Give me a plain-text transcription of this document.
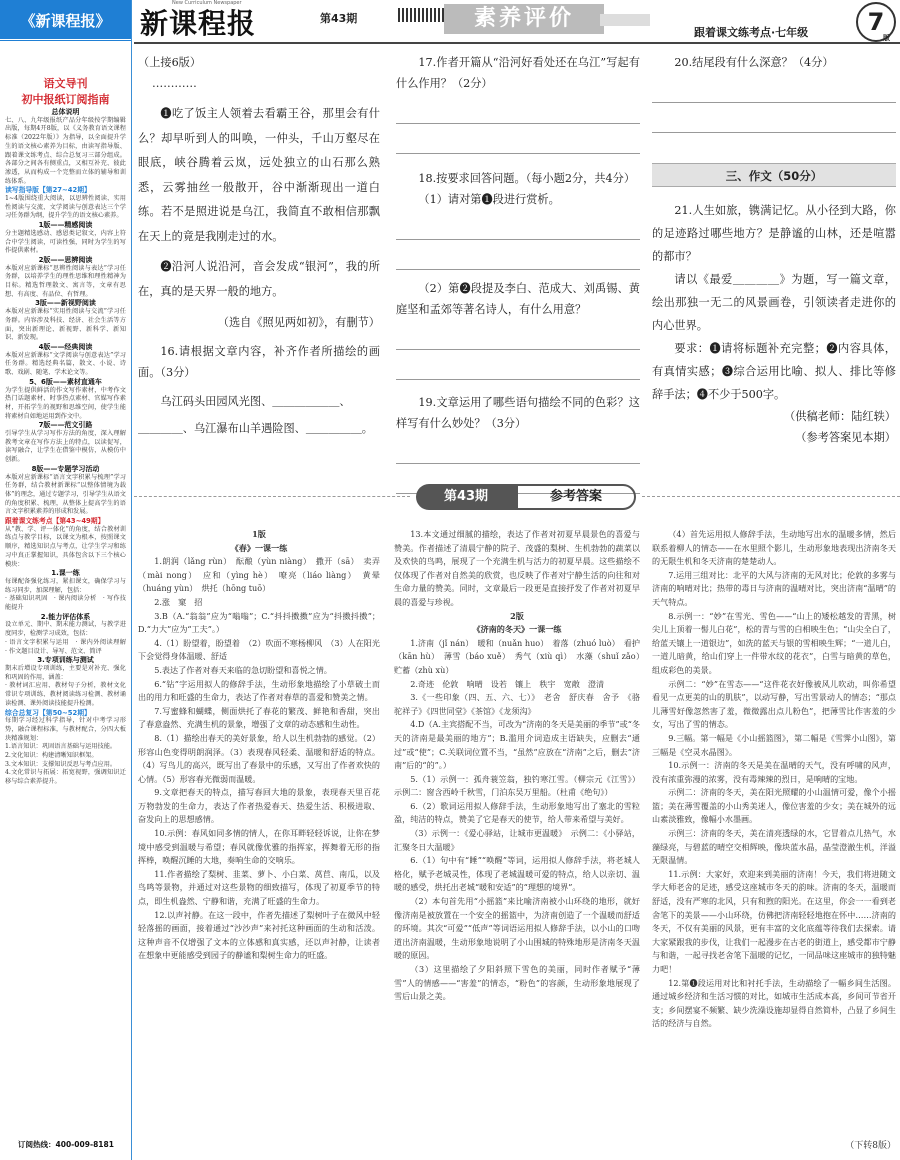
《新课程报》
语文导刊
初中报纸订阅指南
总体说明
七、八、九年级报纸产品分年级按学期编辑出版，每期4开8版，以《义务教育语文课程标准（2022年版）》为指导，以全面提升学生的语文核心素养为目标，由读写指导版、跟着课文练考点、综合总复习三部分组成。各部分之间各有侧重点，又相互补充、彼此渗透，从而构成一个完整而立体的辅导和训练体系。
读写指导版【第27~42期】
1~4版围绕重大阅读，以思辨性阅读、实用性阅读与交流、文学阅读与创意表达三个学习任务群为纲，提升学生的语文核心素养。
1版——精感阅读
分主题精选感动、感恩类记叙文，内容上符合中学生阅读，可读性强，同时为学生的写作提供素材。
2版——思辨阅读
本版对应新课标“思辨性阅读与表达”学习任务群，以培养学生的理性思维和理性精神为目标。精选哲理散文、寓言等，文章有思想、有高度、有品位、有哲理。
3版——新视野阅读
本版对应新课标“实用性阅读与交流”学习任务群。内容涉及科技、经济、社会生活等方面，突出新理论、新视野、新科学、新知识、新发现。
4版——经典阅读
本版对应新课标“文学阅读与创意表达”学习任务群。精选经典名篇，散文、小说、诗歌、戏剧、随笔、学术论文等。
5、6版——素材直通车
为学生提供鲜活的作文写作素材，中考作文热门话题素材、时事热点素材、官媒写作素材，开拓学生的视野和思维空间，使学生能将素材自如地运用到作文中。
7版——范文引路
引导学生从学习写作方法的角度，深入理解教考文章在写作方法上的特点，以读促写，读写融合，让学生在借鉴中模仿，从模仿中创新。
8版——专题学习活动
本版对应新课标“语言文字积累与梳理”学习任务群，结合教材新课标“以整体情境为载体”的理念，通过专题学习，引导学生从语文的角度积累、梳理，从整体上提高学生的语言文字积累素养的形成和发展。
跟着课文练考点【第43~49期】
从“教、学、评一体化”的角度，结合教材训练点与教学目标，以课文为根本，按照课文顺序，精选知识点与考点，让学生学习和练习中真正掌握知识，具体包含以下三个核心模块：
1.课一练
每课配备强化练习，紧扣课文，确保学习与练习同步，加深理解，包括：
· 基础知识巩固　· 课内阅读分析　· 写作技能提升
2.能力评估体系
设立单元、期中、期末能力测试，与教学进度同步，检测学习成效，包括：
· 语言文字积累与运用　· 课内外阅读理解　· 作文题目设计、导写、范文、简评
3.专项训练与测试
期末后增设专项训练，主要是对补充、强化和巩固的作用，涵盖：
· 教材词汇应用、教材句子分析，教材文化常识专项训练、教材阅读练习检测、教材诵读检测、课外阅读技能提升检测。
综合总复习【第50~52期】
每期学习经过科学指导，针对中考学习形势，融合课程标准，与教材配合，分四大板块精准规划：
1.语言知识：巩固语言基础与运用技能。
2.文化知识：构建清晰知识框架。
3.文本知识：支撑知识反思与考点应用。
4.文化常识与拓展：拓宽视野，强调知识迁移与综合素养提升。
订阅热线：400-009-8181
New Curriculum Newspaper
新课程报	第43期	素养评价
跟着课文练考点·七年级	7
版
（上接6版）
…………

❶吃了饭主人领着去看霸王谷，那里会有什么？却早听到人的叫唤，一仲头，千山万壑尽在眼底，峡谷腾着云岚，远处独立的山石那么熟悉，云雾抽丝一般散开，谷中渐渐现出一道白练。若不是照进说是乌江，我简直不敢相信那飘在天上的竟是我刚走过的水。

❷沿河人说沿河，音会发成“银河”，我的所在，真的是天界一般的地方。

（选自《照见两如初》，有删节）

16.请根据文章内容，补齐作者所描绘的画面。（3分）

乌江码头田园风光图、＿＿＿＿＿＿、

＿＿＿＿、乌江瀑布山羊遇险图、＿＿＿＿＿。

17.作者开篇从“沿河好看处还在乌江”写起有什么作用？（2分）

18.按要求回答问题。（每小题2分，共4分）

（1）请对第❶段进行赏析。

（2）第❷段提及李白、范成大、刘禹锡、黄庭坚和孟郊等著名诗人，有什么用意？

19.文章运用了哪些语句描绘不同的色彩？这样写有什么妙处？（3分）

20.结尾段有什么深意？（4分）

三、作文（50分）

21.人生如旅，镌满记忆。从小径到大路，你的足迹路过哪些地方？是静谧的山林，还是喧嚣的都市？

请以《最爱＿＿＿＿》为题，写一篇文章，绘出那独一无二的风景画卷，引领读者走进你的内心世界。

要求：❶请将标题补充完整；❷内容具体，有真情实感；❸综合运用比喻、拟人、排比等修辞手法；❹不少于500字。

（供稿老师：陆红轶）
（参考答案见本期）
第43期	参考答案
1版
《春》一课一练

1.朗润（lǎng rùn）　酝酿（yùn niàng）　撒开（sā）　卖弄（mài nong）　应和（yìng hè）　嘹亮（liáo liàng）　黄晕（huáng yùn）　烘托（hōng tuō）

2.涨　窠　招

3.B（A.“翁翁”应为“嗡嗡”；C.“抖抖擞擞”应为“抖擞抖擞”；D.“力大”应为“工夫”。）

4.（1）盼望着，盼望着　（2）吹面不寒杨柳风　（3）人在阳光下会觉得身体温暖、舒适

5.表达了作者对春天来临的急切盼望和喜悦之情。

6.“钻”字运用拟人的修辞手法，生动形象地描绘了小草破土而出的用力和旺盛的生命力，表达了作者对春草的喜爱和赞美之情。

7.写蜜蜂和蝴蝶，侧面烘托了春花的繁茂、鲜艳和香甜，突出了春意盎然、充满生机的景象，增强了文章的动态感和生动性。

8.（1）描绘出春天的美好景象，给人以生机勃勃的感觉。（2）形容山色变得明朗润泽。（3）表现春风轻柔、温暖和舒适的特点。（4）写鸟儿的高兴，既写出了春景中的乐感，又写出了作者欢快的心情。（5）形容春光微弱而温暖。

9.文章把春天的特点，描写春回大地的景象，表现春天里百花万物勃发的生命力，表达了作者热爱春天、热爱生活、积极进取、奋发向上的思想感情。

10.示例：春风如同多情的情人，在你耳畔轻轻诉说，让你在梦境中感受到温暖与希望；春风就像优雅的指挥家，挥舞着无形的指挥棒，唤醒沉睡的大地，奏响生命的交响乐。

11.作者描绘了梨树、韭菜、萝卜、小白菜、莴苣、南瓜，以及鸟鸣等景物，并通过对这些景物的细致描写，体现了初夏季节的特点，即生机盎然、宁静和谐，充满了旺盛的生命力。

12.以声衬静。在这一段中，作者先描述了梨树叶子在微风中轻轻落摇的画面，接着通过“沙沙声”来衬托这种画面的生动和活泼。这种声音不仅增强了文本的立体感和真实感，还以声衬静，让读者在想象中更能感受到园子的静谧和梨树生命力的旺盛。

13.本文通过细腻的描绘，表达了作者对初夏早晨景色的喜爱与赞美。作者描述了清晨宁静的院子、茂盛的梨树、生机勃勃的蔬菜以及欢快的鸟鸣，展现了一个充满生机与活力的初夏早晨。这些描绘不仅体现了作者对自然美的欣赏，也反映了作者对宁静生活的向往和对生命力量的赞美。同时，文章最后一段更是直接抒发了作者对初夏早晨的喜爱与珍视。

2版
《济南的冬天》一课一练

1.济南（jǐ nán）　暖和（nuǎn huo）　着落（zhuó luò）　看护（kān hù）　薄雪（báo xuě）　秀气（xiù qì）　水藻（shuǐ zǎo）　贮蓄（zhù xù）

2.奇迹　伦敦　响晴　设若　镶上　秩宇　宽敞　澄清

3.《一些印象（四、五、六、七）》　老舍　舒庆春　舍予　《骆驼祥子》《四世同堂》《茶馆》《龙须沟》

4.D（A.主宾搭配不当，可改为“济南的冬天是美丽的季节”或“冬天的济南是最美丽的地方”；B.滥用介词造成主语缺失，应删去“通过”或“使”；C.关联词位置不当，“虽然”应放在“济南”之后，删去“济南”后的“的”。）

5.（1）示例一：孤舟蓑笠翁，独钓寒江雪。（柳宗元《江雪》）示例二：窗含西岭千秋雪，门泊东吴万里船。（杜甫《绝句》）

6.（2）歌词运用拟人修辞手法，生动形象地写出了塞北的雪粒盈，纯洁的特点，赞美了它是春天的使节，给人带来希望与美好。

（3）示例一：《爱心驿站，让城市更温暖》　示例二：《小驿站，汇聚冬日大温暖》

6.（1）句中有“睡”“唤醒”等词，运用拟人修辞手法，将老城人格化，赋予老城灵性，体现了老城温暖可爱的特点，给人以亲切、温暖的感受，烘托出老城“暖和安适”的“理想的境界”。

（2）本句首先用“小摇篮”来比喻济南被小山环绕的地形，就好像济南是被放置在一个安全的摇篮中，为济南创造了一个温暖而舒适的环境。其次“可爱”“低声”等词语运用拟人修辞手法，以小山的口吻道出济南温暖，生动形象地说明了小山围城的特殊地形是济南冬天温暖的原因。

（3）这里描绘了夕阳斜照下雪色的美丽，同时作者赋予“薄雪”人的情感——“害羞”的情态，“粉色”的容颜，生动形象地展现了雪后山景之美。

（4）首先运用拟人修辞手法，生动地写出水的温暖多情，然后联系着柳人的情态——在水里照个影儿，生动形象地表现出济南冬天的无限生机和冬天济南的楚楚动人。

7.运用三组对比：北平的大风与济南的无风对比；伦敦的多雾与济南的响晴对比；热带的毒日与济南的温晴对比，突出济南“温晴”的天气特点。

8.示例一：“妙”在雪光、雪色——“山上的矮松越发的青黑，树尖儿上顶着一髻儿白花”，松的青与雪的白相映生色；“山尖全白了，给蓝天镶上一道银边”，如洗的蓝天与银的雪相映生辉；“一道儿白，一道儿暗黄，给山们穿上一件带水纹的花衣”，白雪与暗黄的草色，组成彩色的美景。

示例二：“妙”在雪态——“这件花衣好像被风儿吹动，叫你希望看见一点更美的山的肌肤”，以动写静，写出雪景动人的情态；“那点儿薄雪好像忽然害了羞，微微露出点儿粉色”，把薄雪比作害羞的少女，写出了雪的情态。

9.三幅。第一幅是《小山摇篮图》，第二幅是《雪霁小山图》，第三幅是《空灵水晶图》。

10.示例一：济南的冬天是美在温晴的天气，没有呼啸的风声，没有浓重弥漫的浓雾，没有毒辣辣的烈日，是响晴的宝地。

示例二：济南的冬天，美在阳光照耀的小山温情可爱，像个小摇篮；美在薄雪覆盖的小山秀美迷人，像位害羞的少女；美在城外的远山素淡雅致，像幅小水墨画。

示例三：济南的冬天，美在清亮透绿的水，它冒着点儿热气，水藻绿亮，与碧蓝的晴空交相辉映，像块蓝水晶，晶莹澄澈生机，洋溢无限温情。

11.示例：大家好，欢迎来到美丽的济南！今天，我们将进随文学大师老舍的足迹，感受这座城市冬天的韵味。济南的冬天，温暖而舒适，没有严寒的北风，只有和煦的阳光。在这里，你会一一看到老舍笔下的美景——小山环绕，仿佛把济南轻轻地抱在怀中……济南的冬天，不仅有美丽的风景，更有丰富的文化底蕴等待我们去探索。请大家紧跟我的步伐，让我们一起漫步在古老的街道上，感受都市宁静与和谐，一起寻找老舍笔下温暖的记忆，一同品味这座城市的独特魅力吧！

12.第❶段运用对比和衬托手法，生动描绘了一幅乡间生活图。通过城乡经济和生活习惯的对比，如城市生活成本高，乡间可节省开支；乡间摆宴不频繁、缺少洗澡设施却显得自然简朴，凸显了乡间生活的经济与自然。

（下转8版）
